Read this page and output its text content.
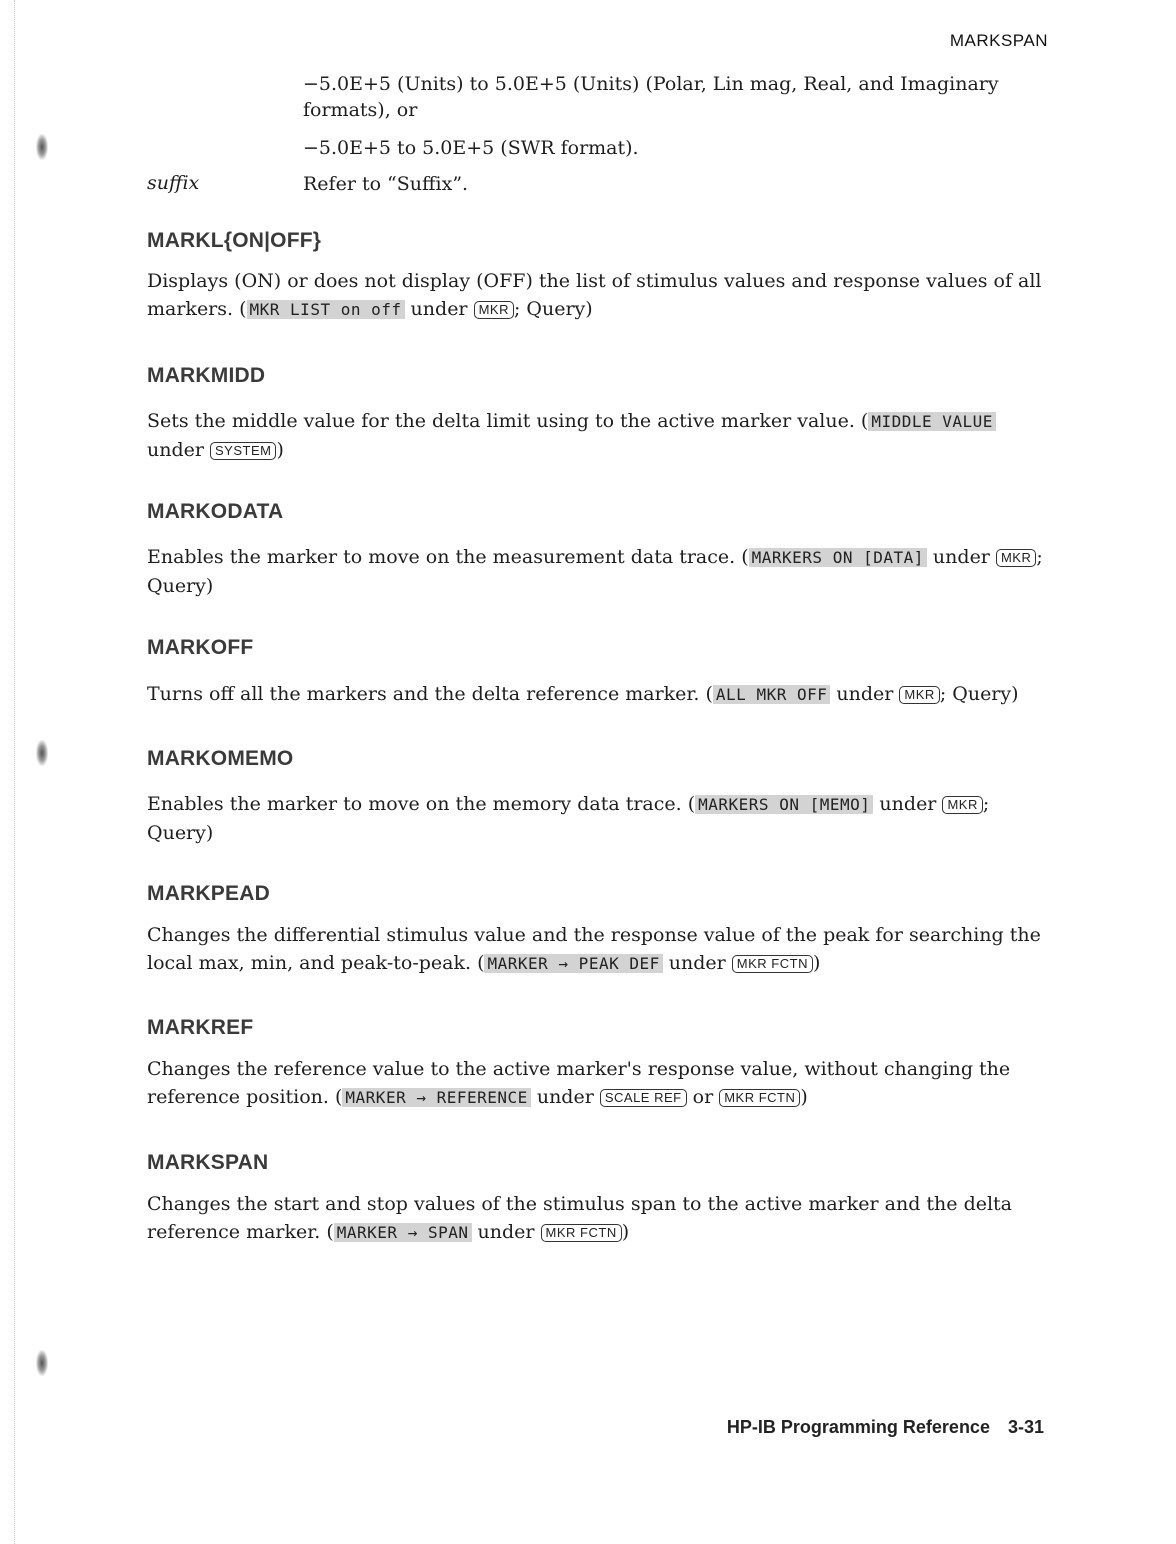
MARKSPAN
−5.0E+5 (Units) to 5.0E+5 (Units) (Polar, Lin mag, Real, and Imaginary
formats), or
−5.0E+5 to 5.0E+5 (SWR format).
suffix	Refer to “Suffix”.
MARKL{ON|OFF}
Displays (ON) or does not display (OFF) the list of stimulus values and response values of all markers. ( MKR LIST on off under MKR ; Query)
MARKMIDD
Sets the middle value for the delta limit using to the active marker value. ( MIDDLE VALUE under SYSTEM )
MARKODATA
Enables the marker to move on the measurement data trace. ( MARKERS ON [DATA] under MKR ; Query)
MARKOFF
Turns off all the markers and the delta reference marker. ( ALL MKR OFF under MKR ; Query)
MARKOMEMO
Enables the marker to move on the memory data trace. ( MARKERS ON [MEMO] under MKR ; Query)
MARKPEAD
Changes the differential stimulus value and the response value of the peak for searching the local max, min, and peak-to-peak. ( MARKER → PEAK DEF under MKR FCTN )
MARKREF
Changes the reference value to the active marker's response value, without changing the reference position. ( MARKER → REFERENCE under SCALE REF or MKR FCTN )
MARKSPAN
Changes the start and stop values of the stimulus span to the active marker and the delta reference marker. ( MARKER → SPAN under MKR FCTN )
HP-IB Programming Reference 3-31
